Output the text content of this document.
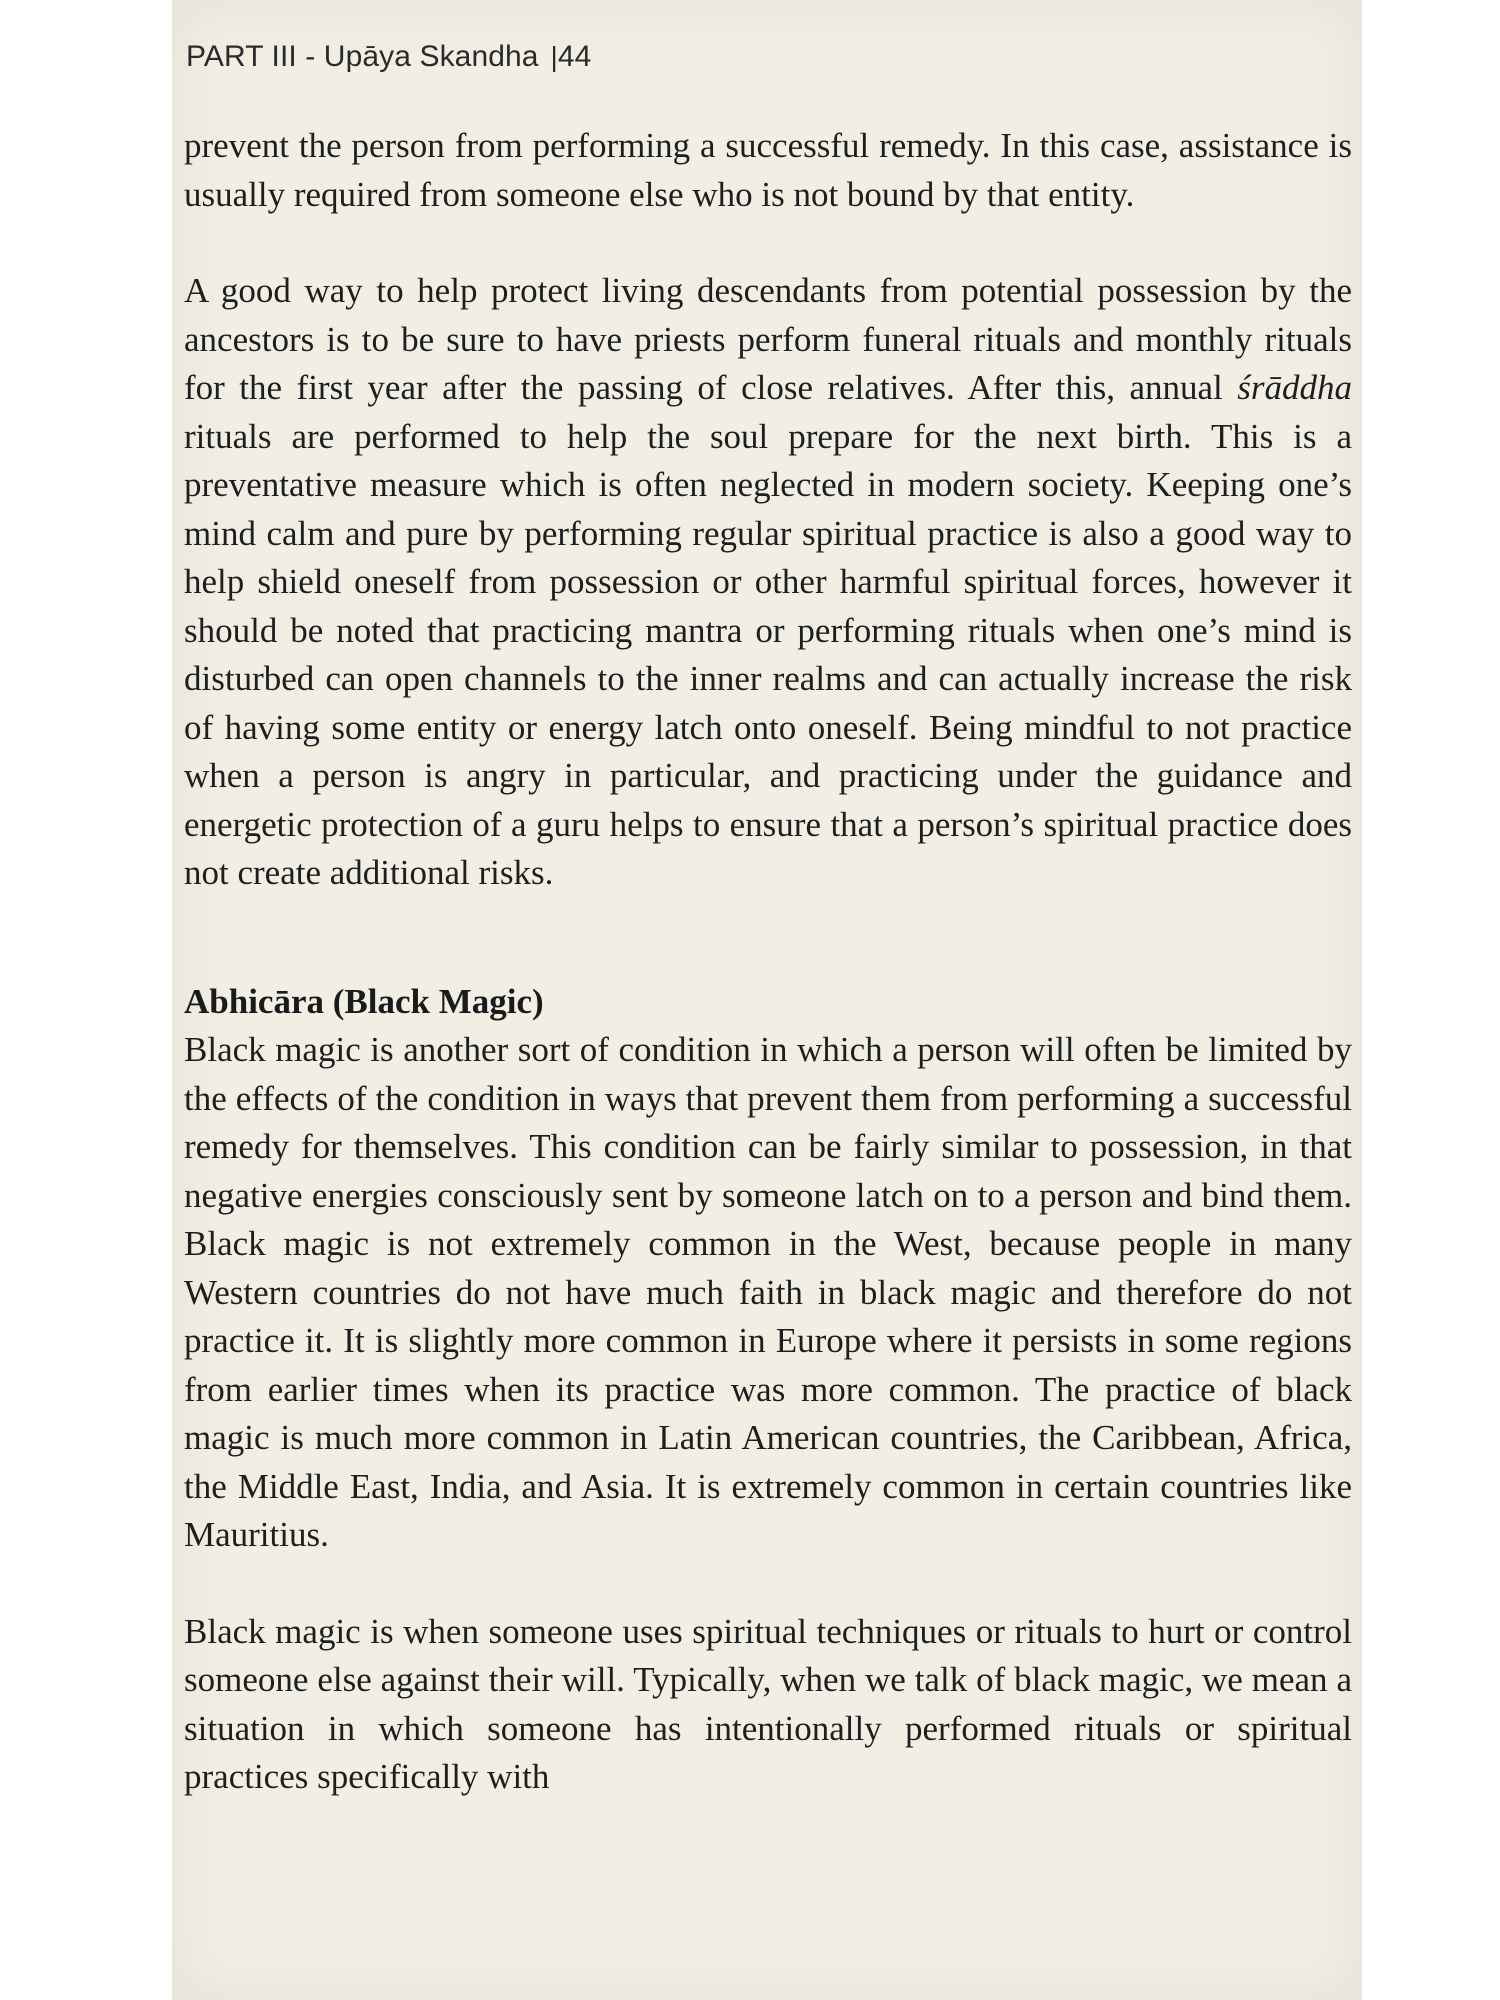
PART III - Upāya Skandha |44

prevent the person from performing a successful remedy. In this case, assistance is usually required from someone else who is not bound by that entity.

A good way to help protect living descendants from potential possession by the ancestors is to be sure to have priests perform funeral rituals and monthly rituals for the first year after the passing of close relatives. After this, annual śrāddha rituals are performed to help the soul prepare for the next birth. This is a preventative measure which is often neglected in modern society. Keeping one’s mind calm and pure by performing regular spiritual practice is also a good way to help shield oneself from possession or other harmful spiritual forces, however it should be noted that practicing mantra or performing rituals when one’s mind is disturbed can open channels to the inner realms and can actually increase the risk of having some entity or energy latch onto oneself. Being mindful to not practice when a person is angry in particular, and practicing under the guidance and energetic protection of a guru helps to ensure that a person’s spiritual practice does not create additional risks.

Abhicāra (Black Magic)

Black magic is another sort of condition in which a person will often be limited by the effects of the condition in ways that prevent them from performing a successful remedy for themselves. This condition can be fairly similar to possession, in that negative energies consciously sent by someone latch on to a person and bind them. Black magic is not extremely common in the West, because people in many Western countries do not have much faith in black magic and therefore do not practice it. It is slightly more common in Europe where it persists in some regions from earlier times when its practice was more common. The practice of black magic is much more common in Latin American countries, the Caribbean, Africa, the Middle East, India, and Asia. It is extremely common in certain countries like Mauritius.

Black magic is when someone uses spiritual techniques or rituals to hurt or control someone else against their will. Typically, when we talk of black magic, we mean a situation in which someone has intentionally performed rituals or spiritual practices specifically with
